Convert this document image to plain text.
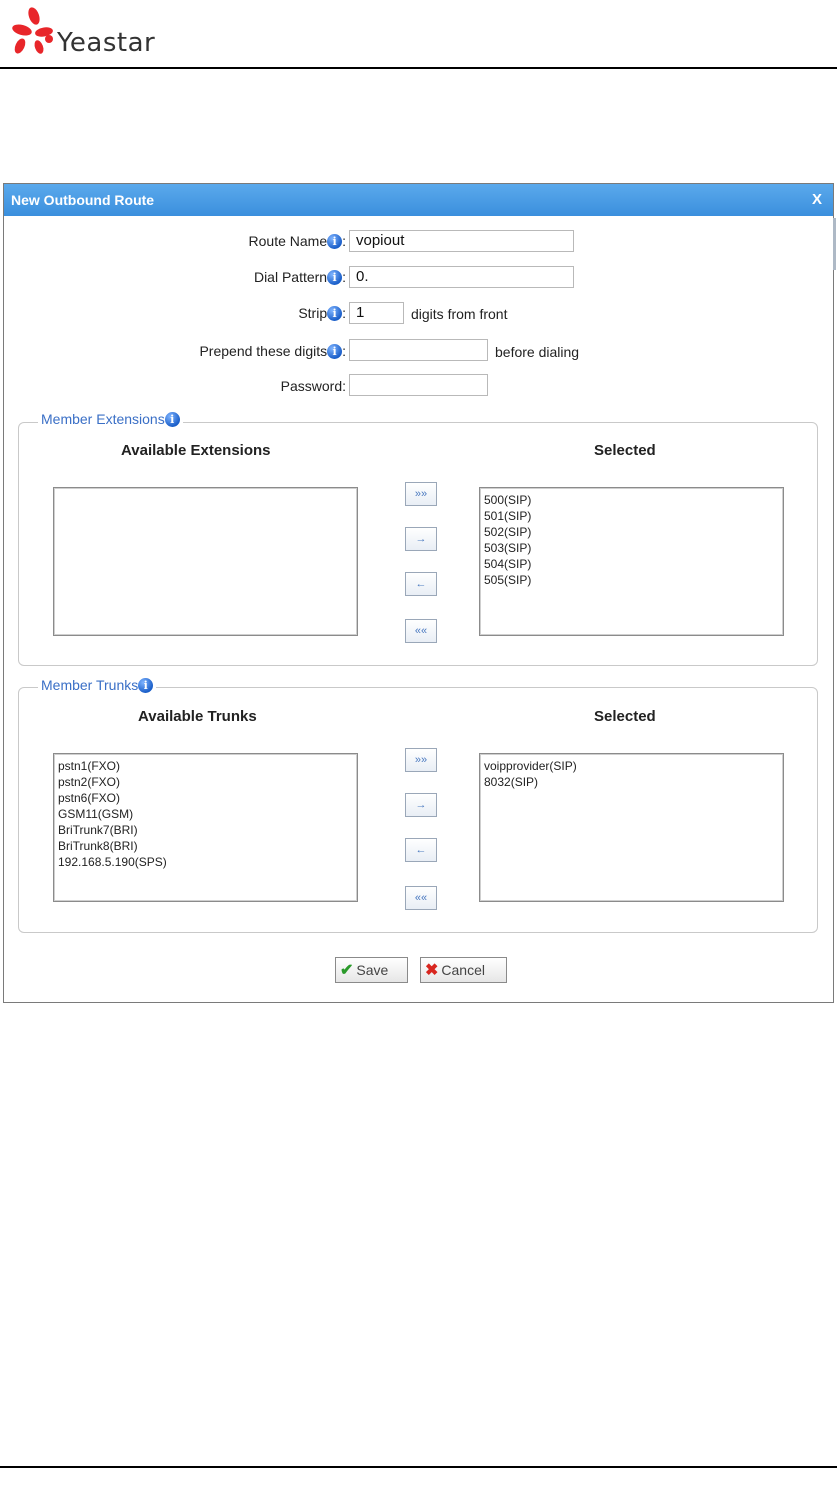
Yeastar
New Outbound Route	X
Route Name i : vopiout
Dial Pattern i : 0.
Strip i : 1	digits from front
Prepend these digits i :	before dialing
Password:
Member Extensions i
Available Extensions	Selected
500(SIP)
501(SIP)
502(SIP)
503(SIP)
504(SIP)
505(SIP)
»»
→
←
««
Member Trunks i
Available Trunks	Selected
pstn1(FXO)
pstn2(FXO)
pstn6(FXO)
GSM11(GSM)
BriTrunk7(BRI)
BriTrunk8(BRI)
192.168.5.190(SPS)
voipprovider(SIP)
8032(SIP)
»»
→
←
««
✔ Save	✖ Cancel
